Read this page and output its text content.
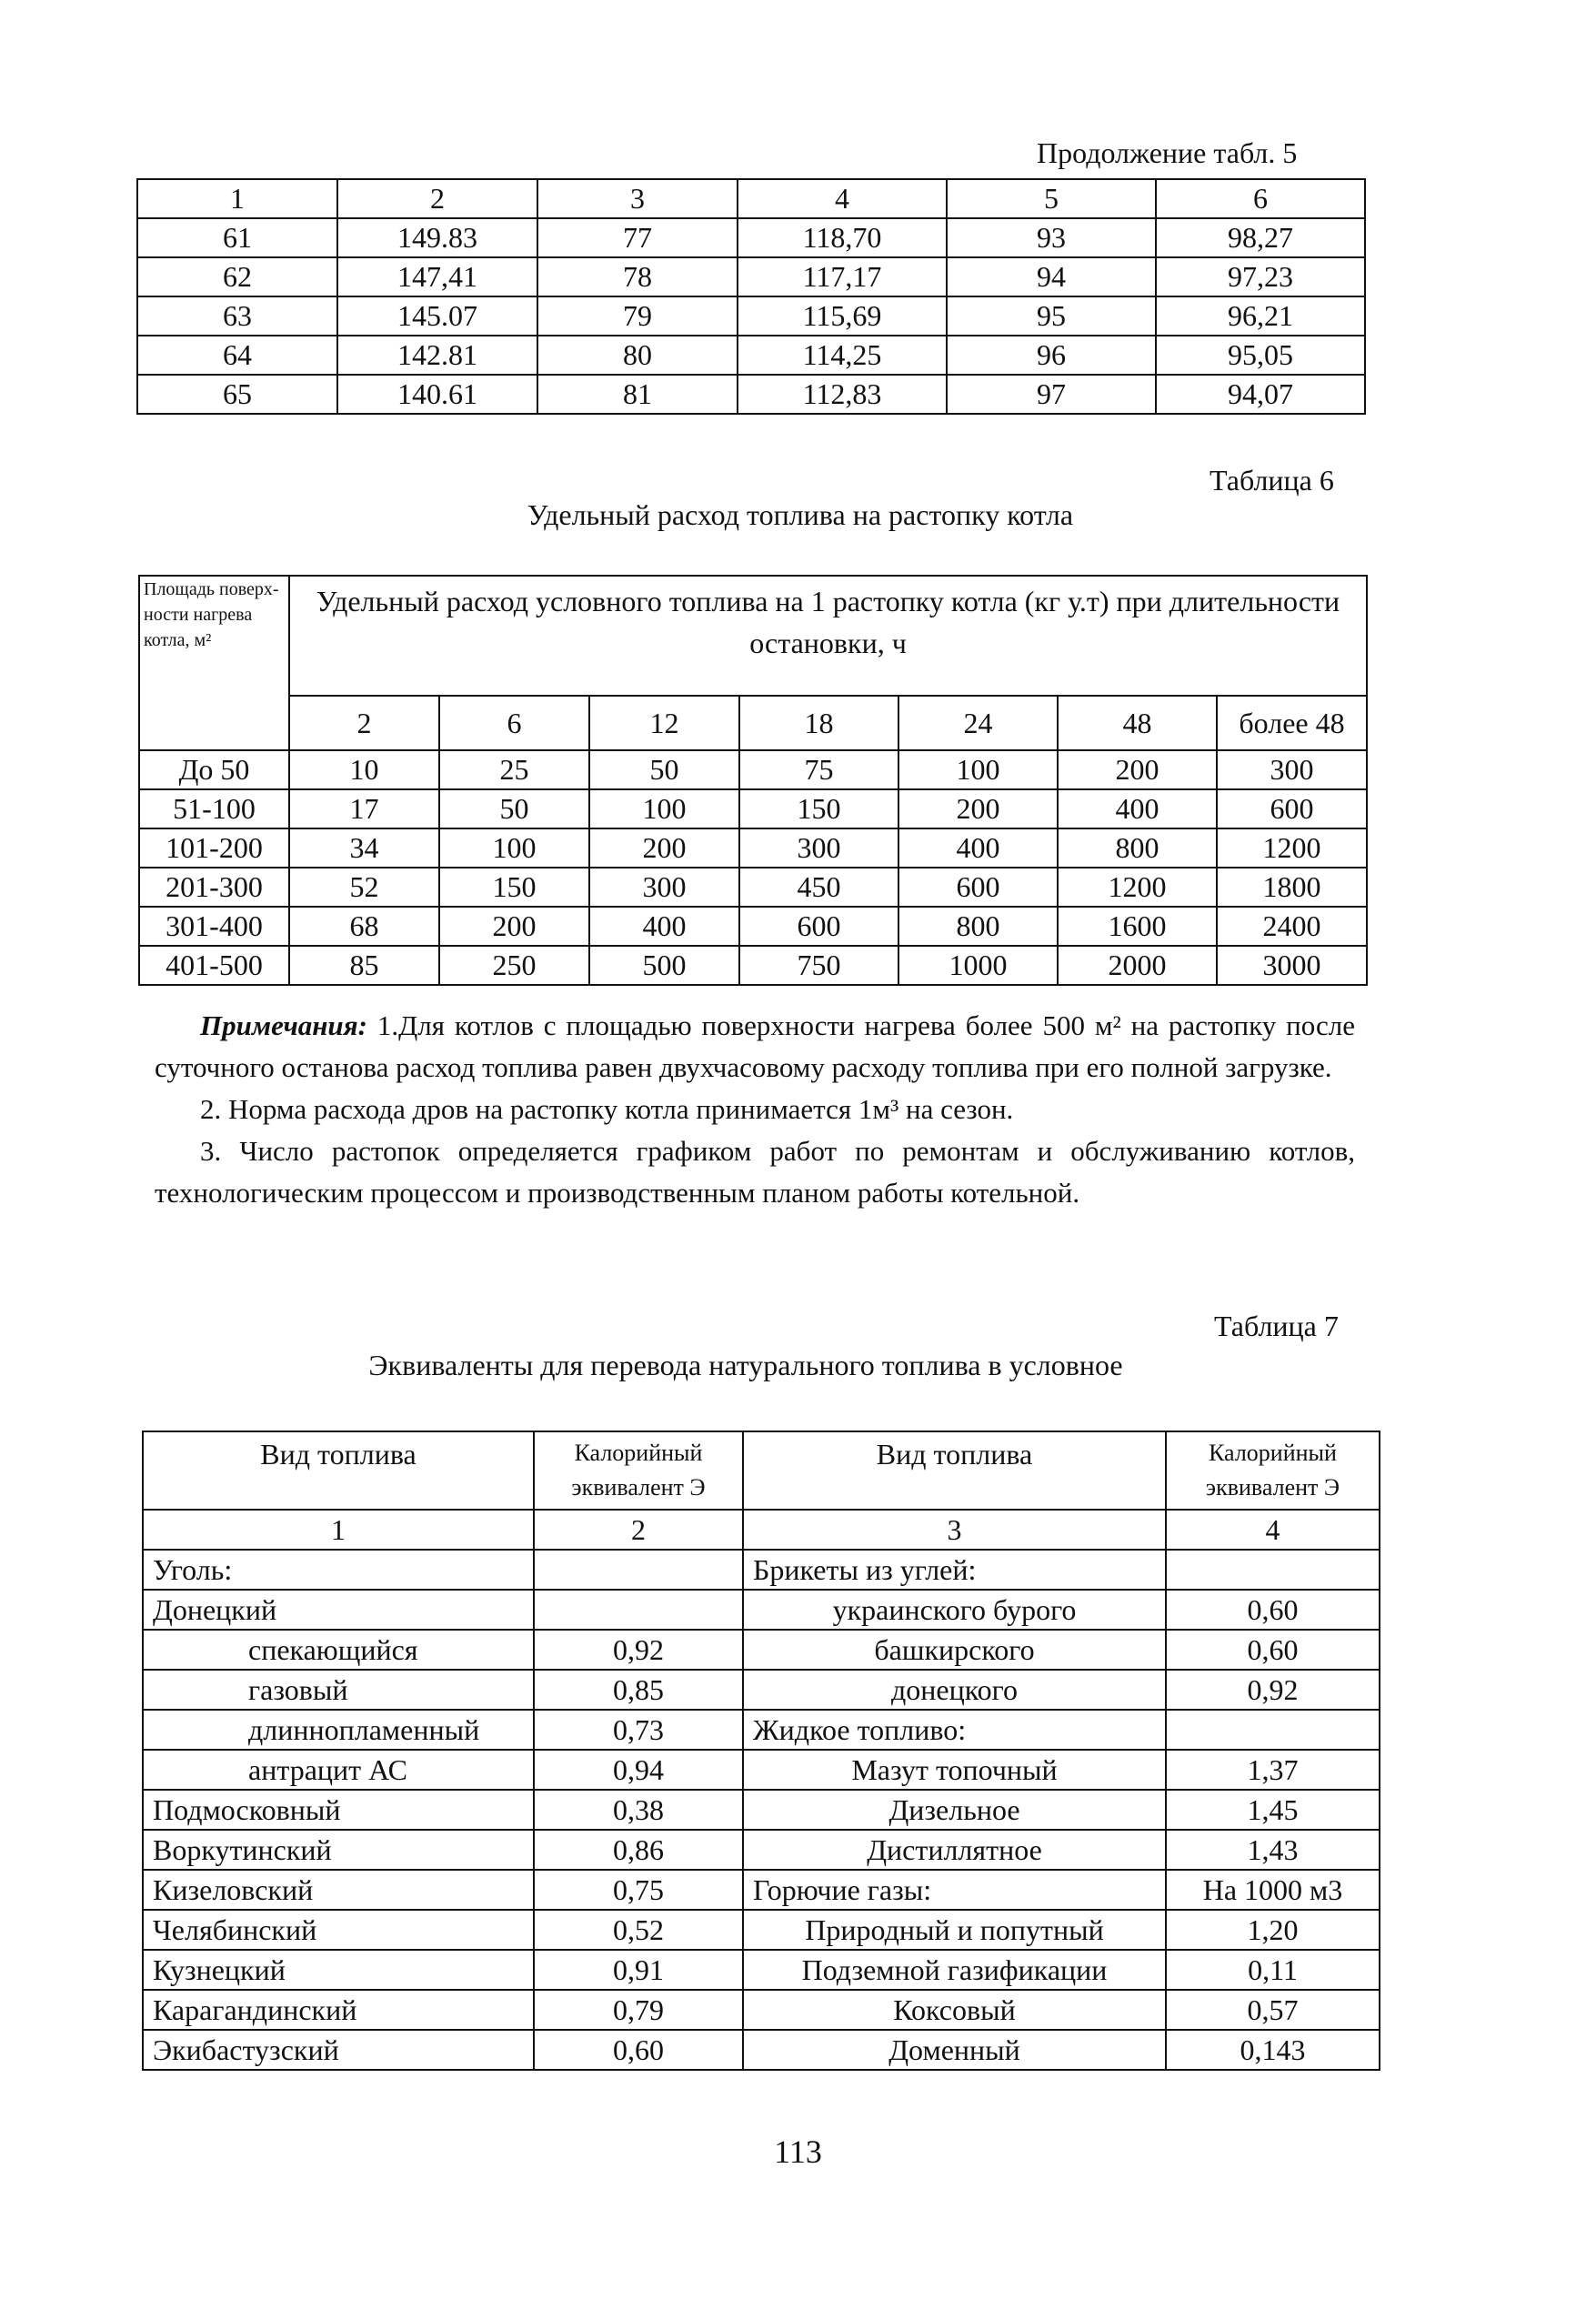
Продолжение табл. 5
1	2	3	4	5	6
61	149.83	77	118,70	93	98,27
62	147,41	78	117,17	94	97,23
63	145.07	79	115,69	95	96,21
64	142.81	80	114,25	96	95,05
65	140.61	81	112,83	97	94,07
Таблица 6
Удельный расход топлива на растопку котла
Площадь поверх-ности нагрева котла, м²	Удельный расход условного топлива на 1 растопку котла (кг у.т) при длительности остановки, ч						
	2	6	12	18	24	48	более 48
До 50	10	25	50	75	100	200	300
51-100	17	50	100	150	200	400	600
101-200	34	100	200	300	400	800	1200
201-300	52	150	300	450	600	1200	1800
301-400	68	200	400	600	800	1600	2400
401-500	85	250	500	750	1000	2000	3000

Примечания: 1.Для котлов с площадью поверхности нагрева более 500 м² на растопку после суточного останова расход топлива равен двухчасовому расходу топлива при его полной загрузке.

2. Норма расхода дров на растопку котла принимается 1м³ на сезон.

3. Число растопок определяется графиком работ по ремонтам и обслуживанию котлов, технологическим процессом и производственным планом работы котельной.

Таблица 7
Эквиваленты для перевода натурального топлива в условное
Вид топлива	Калорийный эквивалент Э	Вид топлива	Калорийный эквивалент Э
1	2	3	4
Уголь:		Брикеты из углей:	
Донецкий		украинского бурого	0,60
спекающийся	0,92	башкирского	0,60
газовый	0,85	донецкого	0,92
длиннопламенный	0,73	Жидкое топливо:	
антрацит АС	0,94	Мазут топочный	1,37
Подмосковный	0,38	Дизельное	1,45
Воркутинский	0,86	Дистиллятное	1,43
Кизеловский	0,75	Горючие газы:	На 1000 м3
Челябинский	0,52	Природный и попутный	1,20
Кузнецкий	0,91	Подземной газификации	0,11
Карагандинский	0,79	Коксовый	0,57
Экибастузский	0,60	Доменный	0,143
113
